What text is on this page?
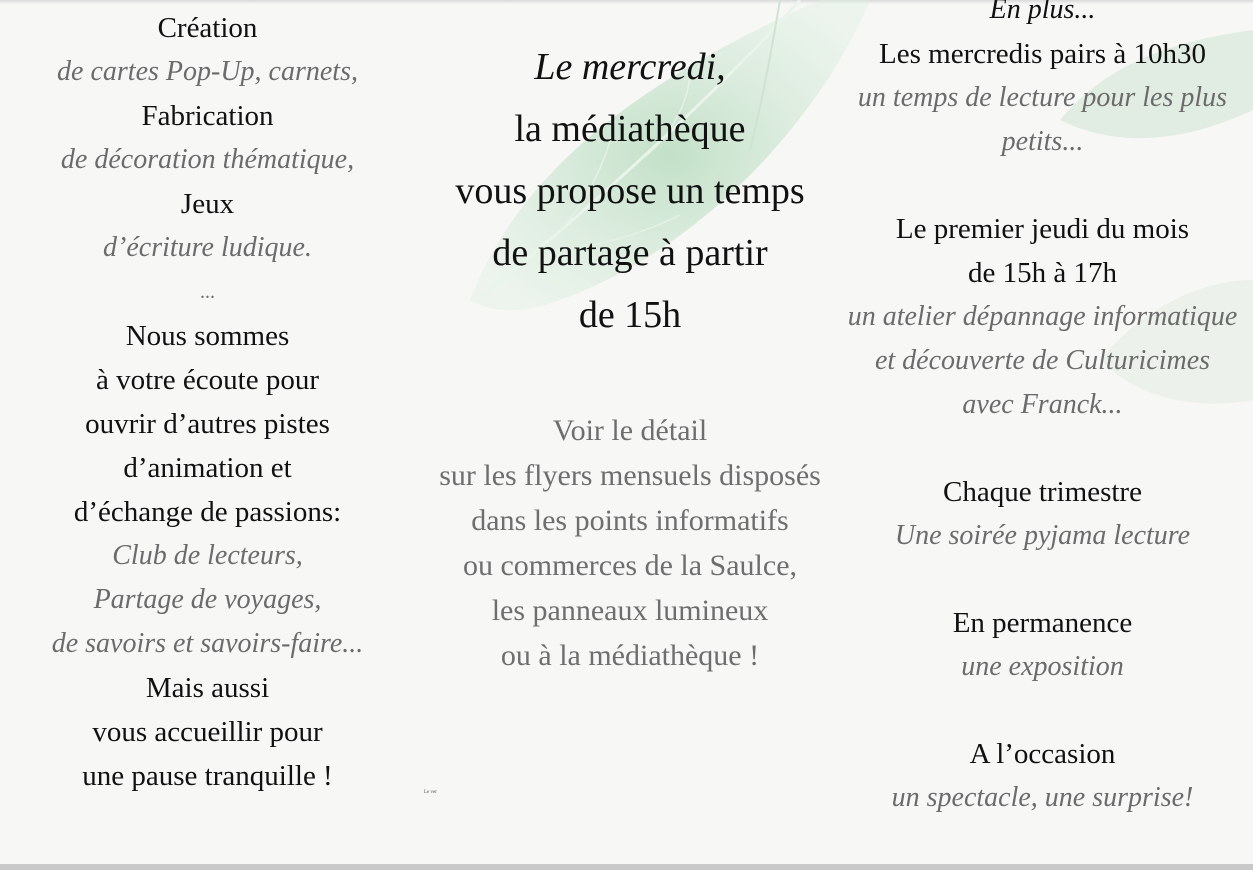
Création
de cartes Pop-Up, carnets,
Fabrication
de décoration thématique,
Jeux
d’écriture ludique.
...
Nous sommes
à votre écoute pour
ouvrir d’autres pistes
d’animation et
d’échange de passions:
Club de lecteurs,
Partage de voyages,
de savoirs et savoirs-faire...
Mais aussi
vous accueillir pour
une pause tranquille !
Le mercredi,
la médiathèque
vous propose un temps
de partage à partir
de 15h
Voir le détail
sur les flyers mensuels disposés
dans les points informatifs
ou commerces de la Saulce,
les panneaux lumineux
ou à la médiathèque !
Le ver
En plus...
Les mercredis pairs à 10h30
un temps de lecture pour les plus
petits...
Le premier jeudi du mois
de 15h à 17h
un atelier dépannage informatique
et découverte de Culturicimes
avec Franck...
Chaque trimestre
Une soirée pyjama lecture
En permanence
une exposition
A l’occasion
un spectacle, une surprise!
